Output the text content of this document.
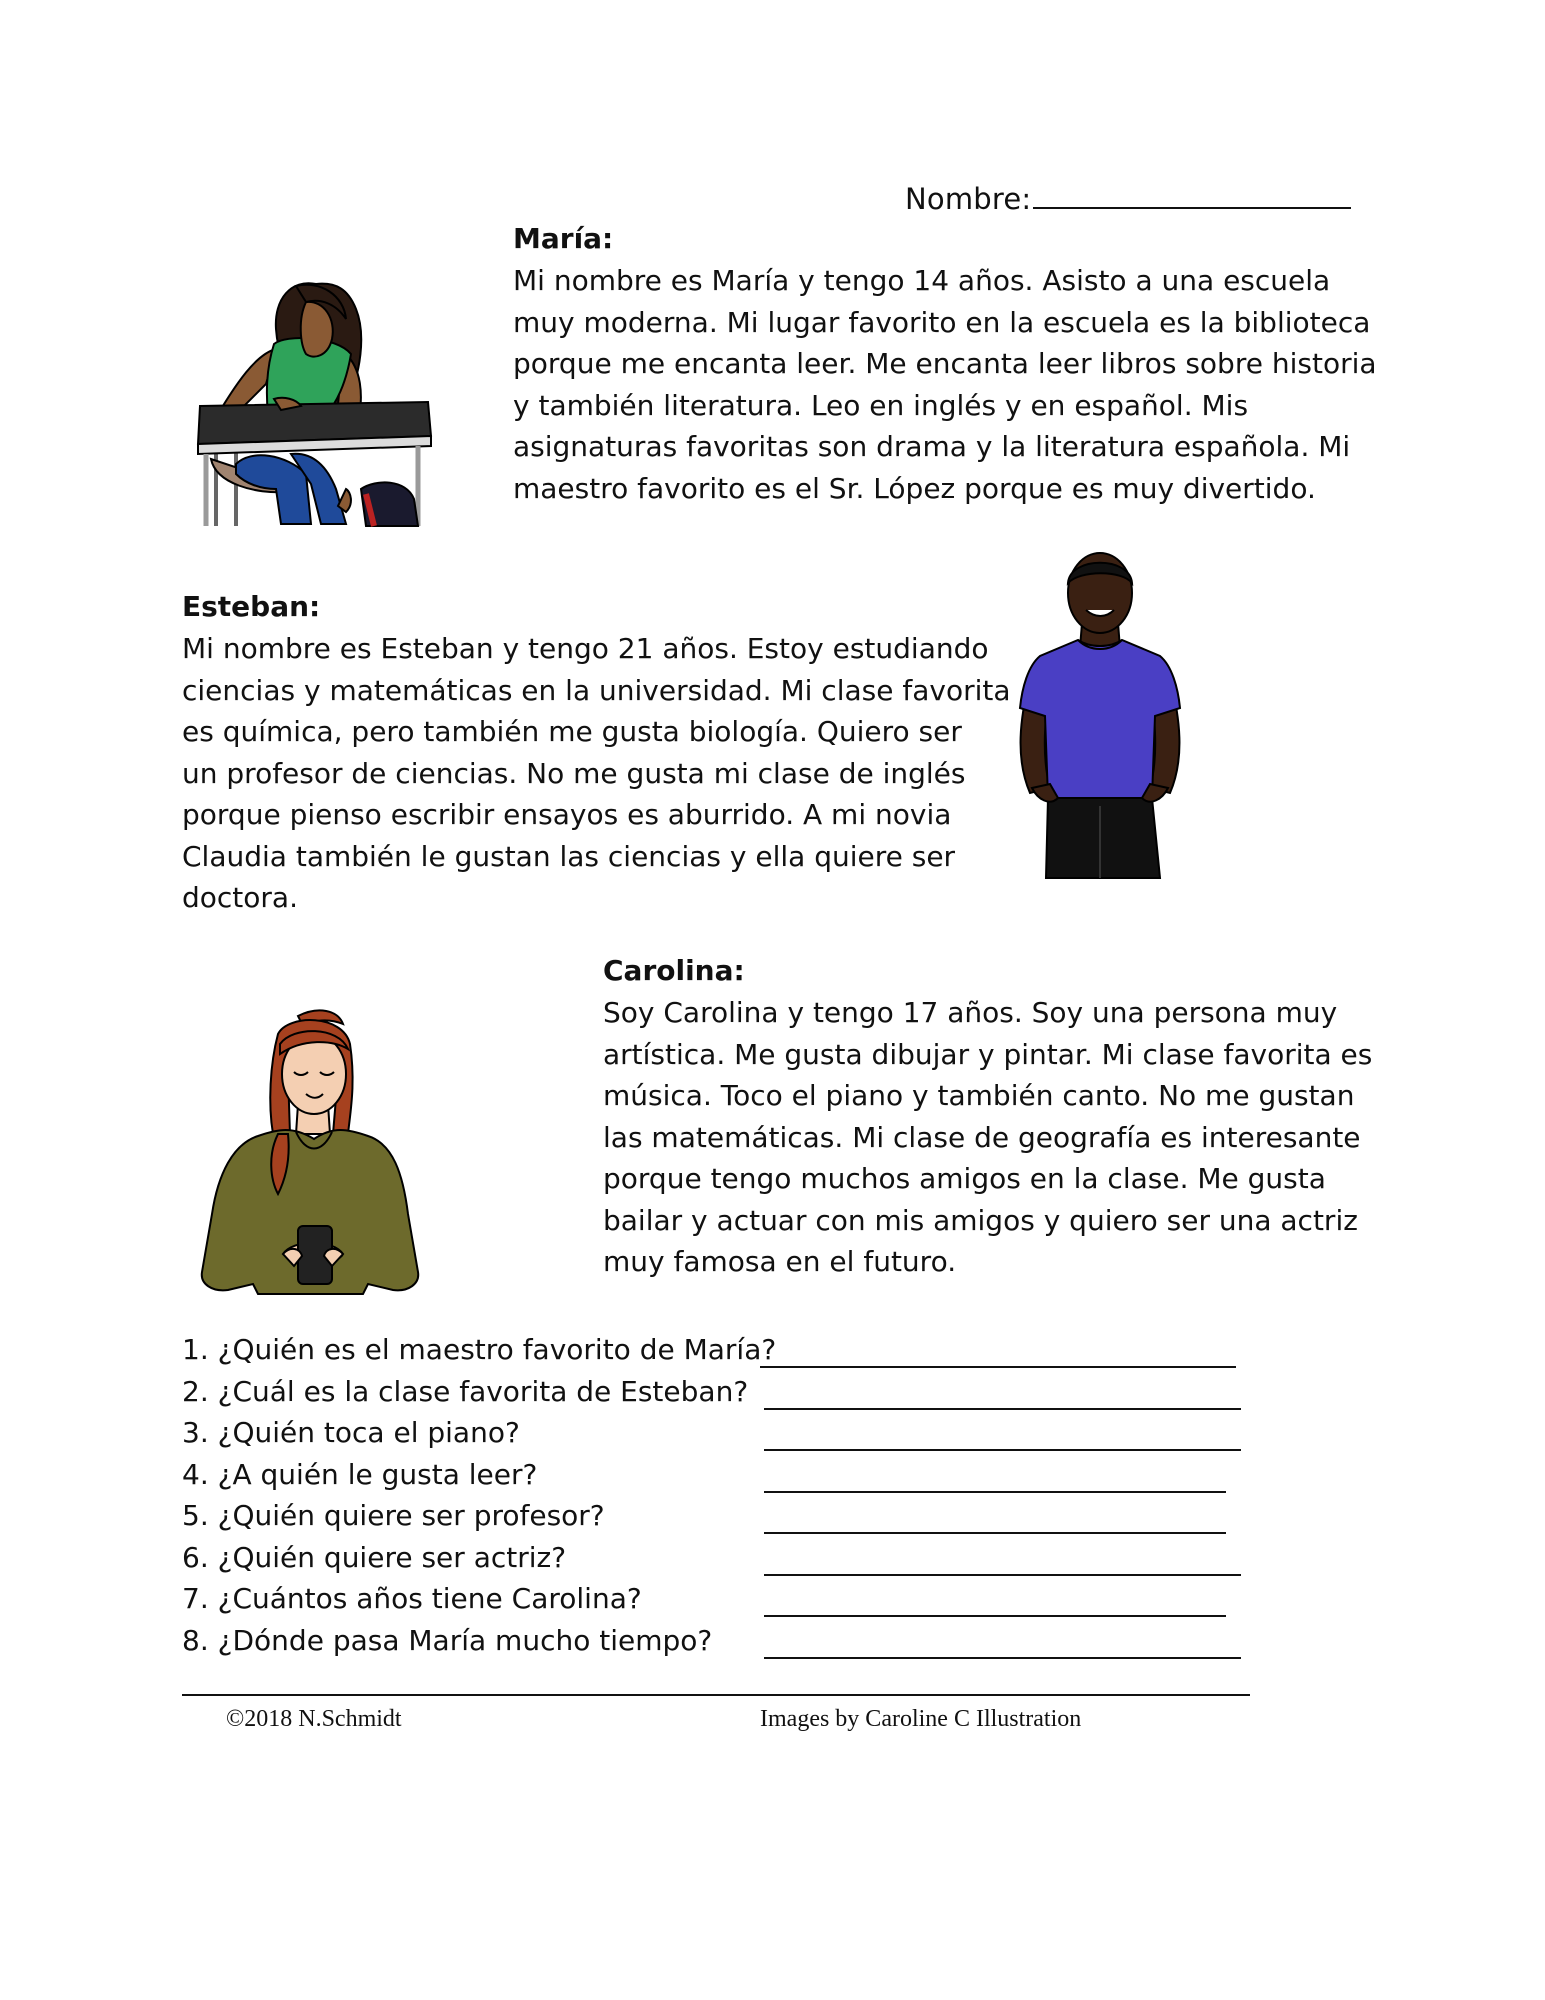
Nombre:
María:

Mi nombre es María y tengo 14 años. Asisto a una escuela

muy moderna. Mi lugar favorito en la escuela es la biblioteca

porque me encanta leer. Me encanta leer libros sobre historia

y también literatura. Leo en inglés y en español. Mis

asignaturas favoritas son drama y la literatura española. Mi

maestro favorito es el Sr. López porque es muy divertido.

Esteban:

Mi nombre es Esteban y tengo 21 años. Estoy estudiando

ciencias y matemáticas en la universidad. Mi clase favorita

es química, pero también me gusta biología. Quiero ser

un profesor de ciencias. No me gusta mi clase de inglés

porque pienso escribir ensayos es aburrido. A mi novia

Claudia también le gustan las ciencias y ella quiere ser

doctora.

Carolina:

Soy Carolina y tengo 17 años. Soy una persona muy

artística. Me gusta dibujar y pintar. Mi clase favorita es

música. Toco el piano y también canto. No me gustan

las matemáticas. Mi clase de geografía es interesante

porque tengo muchos amigos en la clase. Me gusta

bailar y actuar con mis amigos y quiero ser una actriz

muy famosa en el futuro.

1. ¿Quién es el maestro favorito de María?
2. ¿Cuál es la clase favorita de Esteban?
3. ¿Quién toca el piano?
4. ¿A quién le gusta leer?
5. ¿Quién quiere ser profesor?
6. ¿Quién quiere ser actriz?
7. ¿Cuántos años tiene Carolina?
8. ¿Dónde pasa María mucho tiempo?
©2018 N.Schmidt	Images by Caroline C Illustration
